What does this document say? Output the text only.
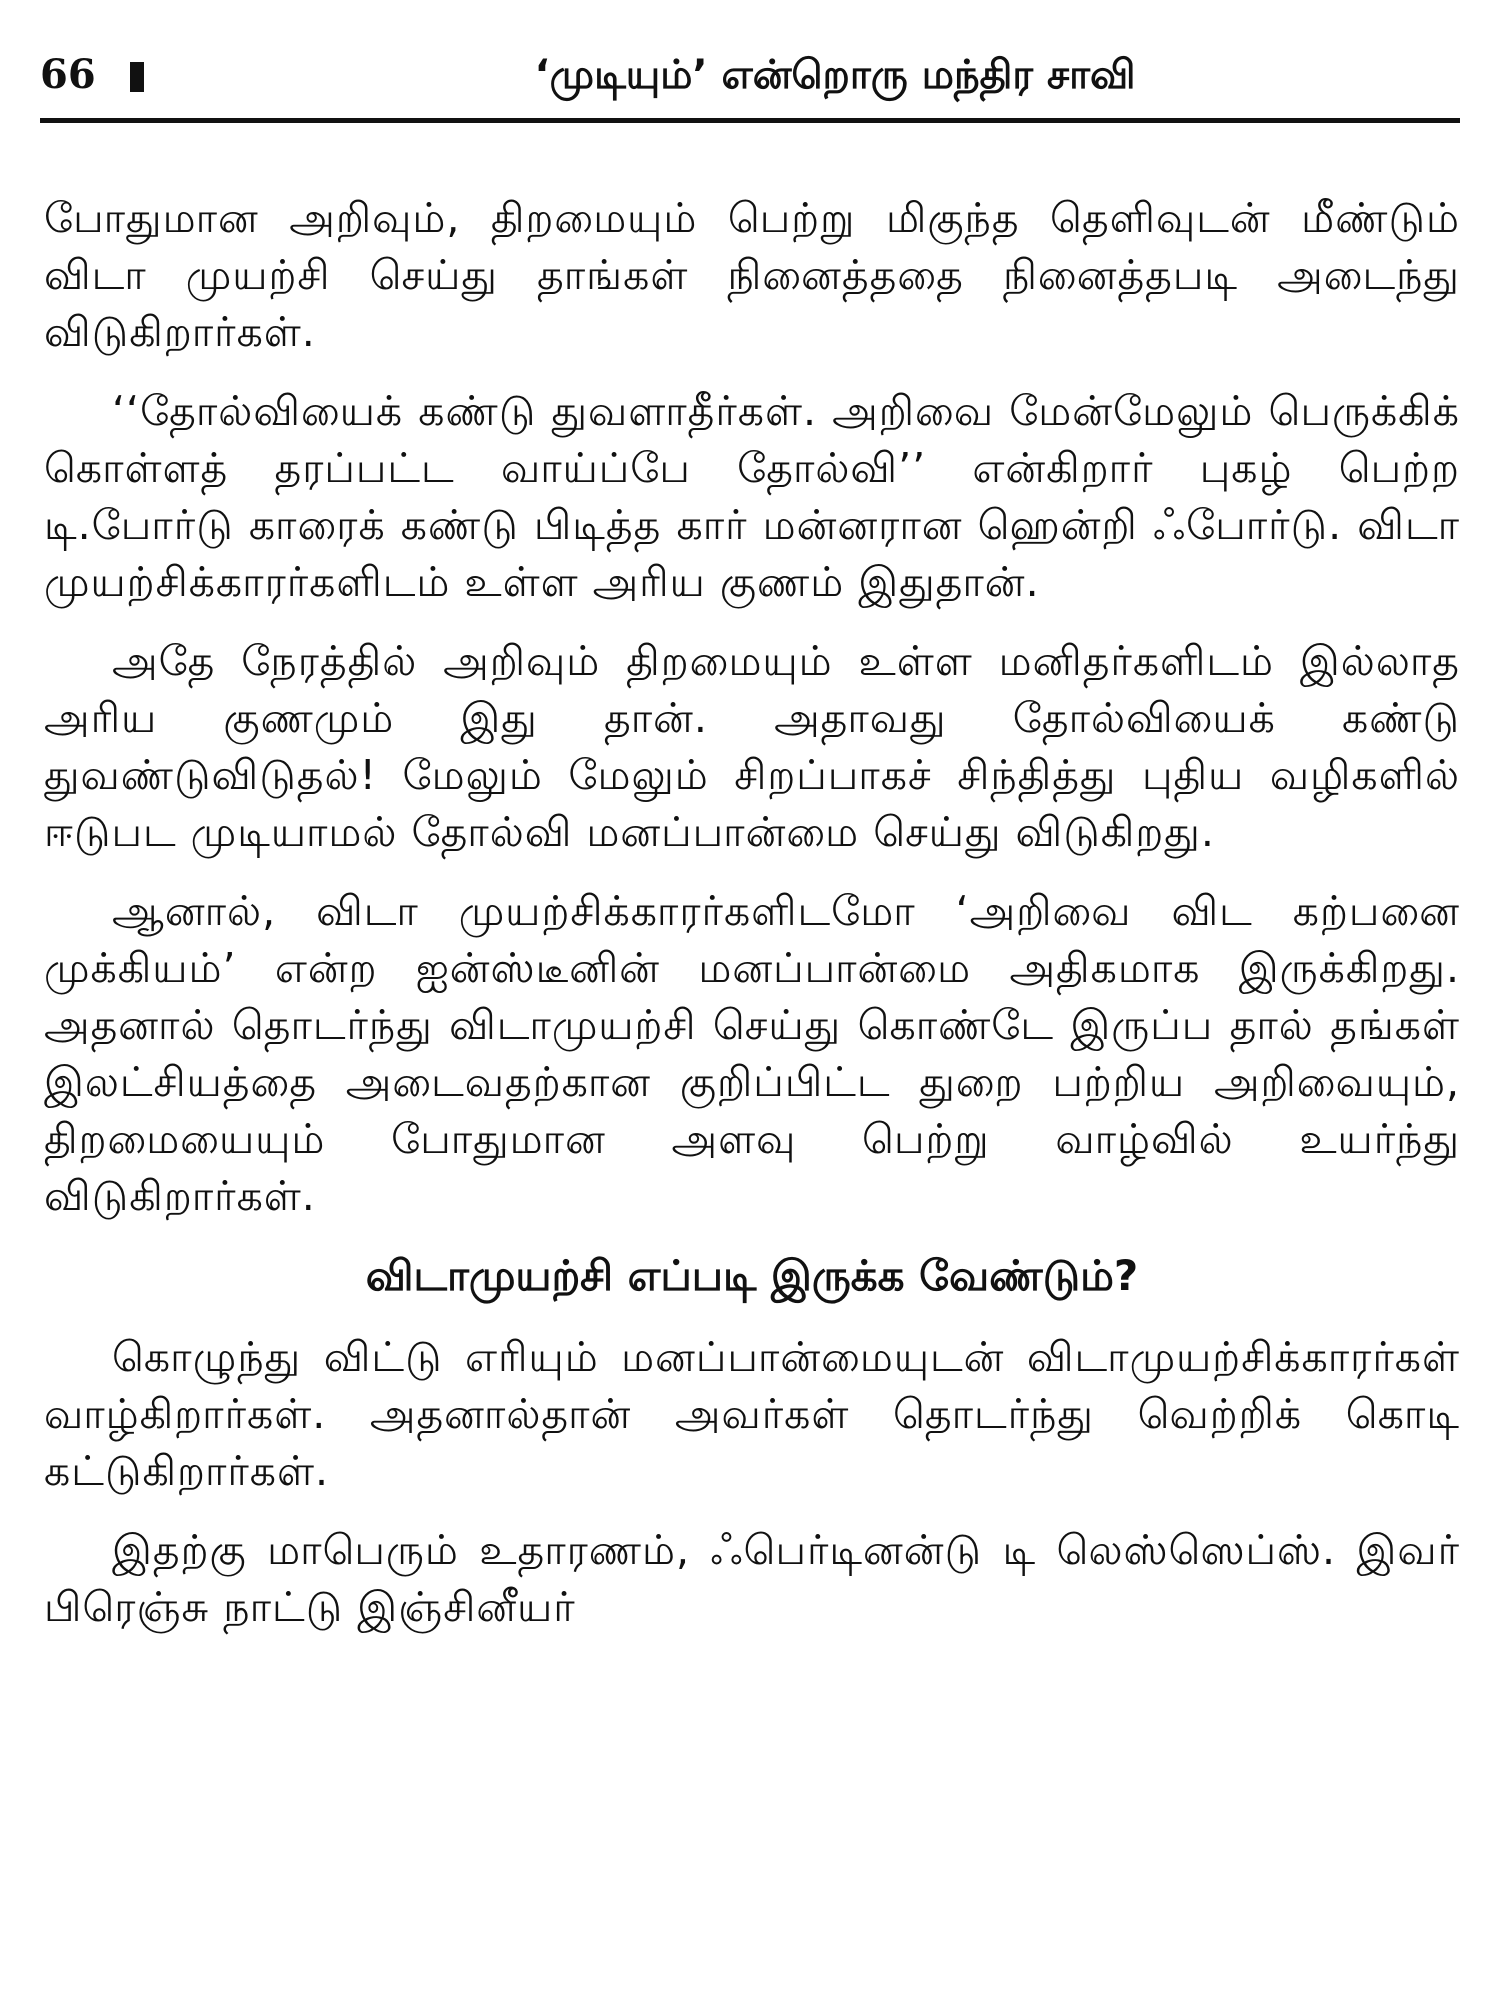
66	‘முடியும்’ என்றொரு மந்திர சாவி

போதுமான அறிவும், திறமையும் பெற்று மிகுந்த தெளிவுடன் மீண்டும் விடா முயற்சி செய்து தாங்கள் நினைத்ததை நினைத்தபடி அடைந்து விடுகிறார்கள்.

‘‘தோல்வியைக் கண்டு துவளாதீர்கள். அறிவை மேன்மேலும் பெருக்கிக் கொள்ளத் தரப்பட்ட வாய்ப்பே தோல்வி’’ என்கிறார் புகழ் பெற்ற டி.போர்டு காரைக் கண்டு பிடித்த கார் மன்னரான ஹென்றி ஃபோர்டு. விடா முயற்சிக்காரர்களிடம் உள்ள அரிய குணம் இதுதான்.

அதே நேரத்தில் அறிவும் திறமையும் உள்ள மனிதர்களிடம் இல்லாத அரிய குணமும் இது தான். அதாவது தோல்வியைக் கண்டு துவண்டுவிடுதல்! மேலும் மேலும் சிறப்பாகச் சிந்தித்து புதிய வழிகளில் ஈடுபட முடியாமல் தோல்வி மனப்பான்மை செய்து விடுகிறது.

ஆனால், விடா முயற்சிக்காரர்களிடமோ ‘அறிவை விட கற்பனை முக்கியம்’ என்ற ஐன்ஸ்டீனின் மனப்பான்மை அதிகமாக இருக்கிறது. அதனால் தொடர்ந்து விடாமுயற்சி செய்து கொண்டே இருப்ப தால் தங்கள் இலட்சியத்தை அடைவதற்கான குறிப்பிட்ட துறை பற்றிய அறிவையும், திறமையையும் போதுமான அளவு பெற்று வாழ்வில் உயர்ந்து விடுகிறார்கள்.

விடாமுயற்சி எப்படி இருக்க வேண்டும்?

கொழுந்து விட்டு எரியும் மனப்பான்மையுடன் விடாமுயற்சிக்காரர்கள் வாழ்கிறார்கள். அதனால்தான் அவர்கள் தொடர்ந்து வெற்றிக் கொடி கட்டுகிறார்கள்.

இதற்கு மாபெரும் உதாரணம், ஃபெர்டினன்டு டி லெஸ்ஸெப்ஸ். இவர் பிரெஞ்சு நாட்டு இஞ்சினீயர்
